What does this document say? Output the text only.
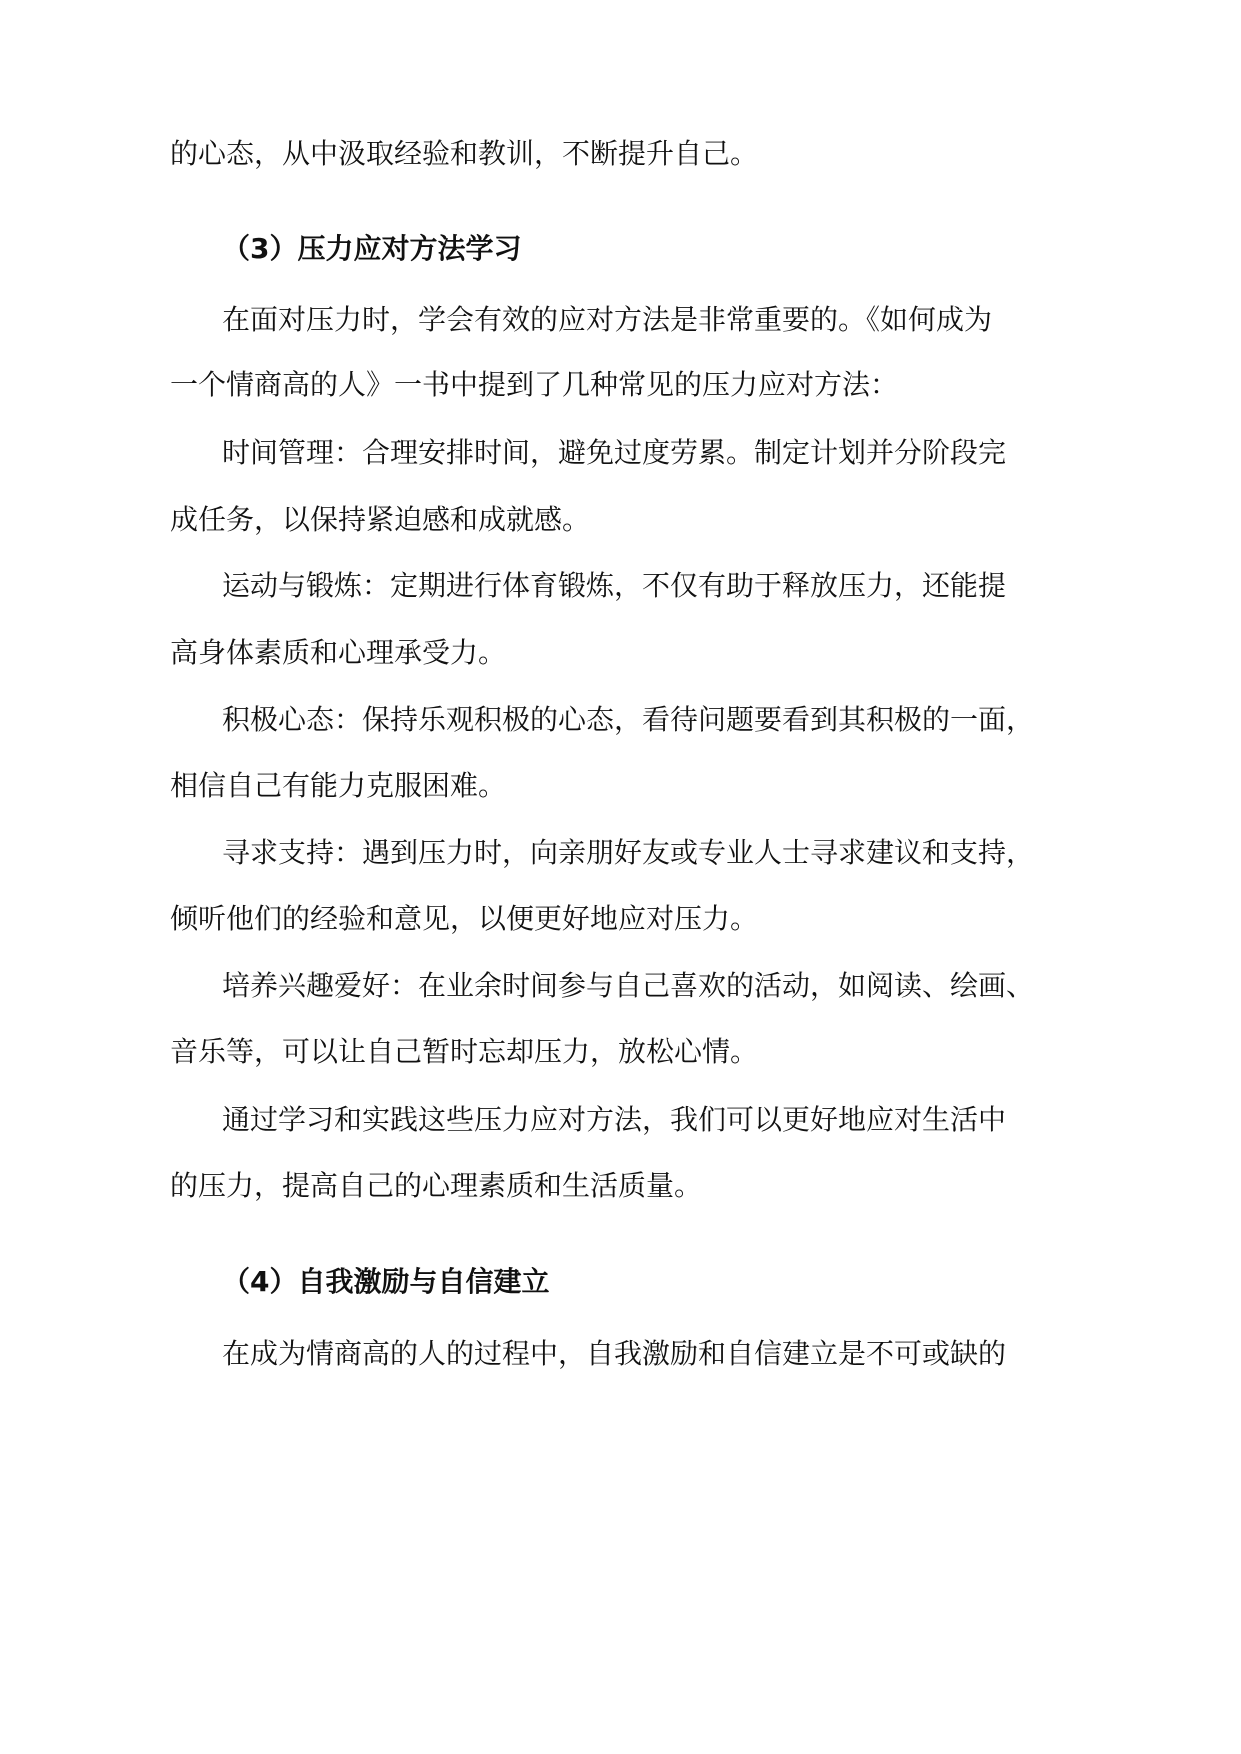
的心态，从中汲取经验和教训，不断提升自己。
（3）压力应对方法学习
在面对压力时，学会有效的应对方法是非常重要的。《如何成为
一个情商高的人》一书中提到了几种常见的压力应对方法：
时间管理：合理安排时间，避免过度劳累。制定计划并分阶段完
成任务，以保持紧迫感和成就感。
运动与锻炼：定期进行体育锻炼，不仅有助于释放压力，还能提
高身体素质和心理承受力。
积极心态：保持乐观积极的心态，看待问题要看到其积极的一面，
相信自己有能力克服困难。
寻求支持：遇到压力时，向亲朋好友或专业人士寻求建议和支持，
倾听他们的经验和意见，以便更好地应对压力。
培养兴趣爱好：在业余时间参与自己喜欢的活动，如阅读、绘画、
音乐等，可以让自己暂时忘却压力，放松心情。
通过学习和实践这些压力应对方法，我们可以更好地应对生活中
的压力，提高自己的心理素质和生活质量。
（4）自我激励与自信建立
在成为情商高的人的过程中，自我激励和自信建立是不可或缺的
